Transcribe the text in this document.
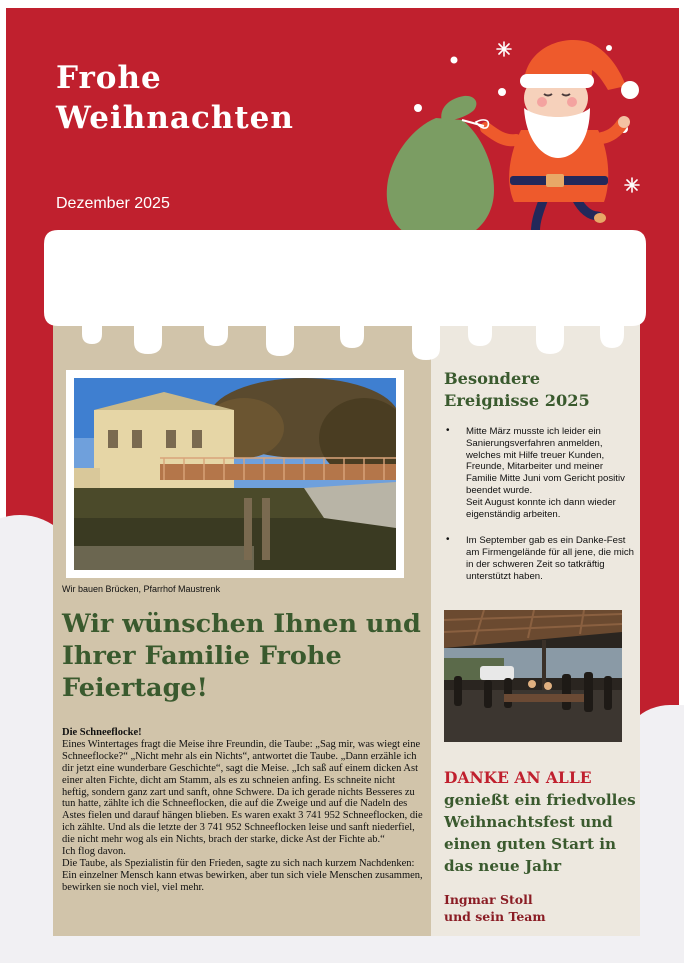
Frohe Weihnachten
Dezember 2025

Wir bauen Brücken, Pfarrhof Maustrenk

Wir wünschen Ihnen und Ihrer Familie Frohe Feiertage!

Die Schneeflocke!

Eines Wintertages fragt die Meise ihre Freundin, die Taube: „Sag mir, was wiegt eine Schneeflocke?“ „Nicht mehr als ein Nichts“, antwortet die Taube. „Dann erzähle ich dir jetzt eine wunderbare Geschichte“, sagt die Meise. „Ich saß auf einem dicken Ast einer alten Fichte, dicht am Stamm, als es zu schneien anfing. Es schneite nicht heftig, sondern ganz zart und sanft, ohne Schwere. Da ich gerade nichts Besseres zu tun hatte, zählte ich die Schneeflocken, die auf die Zweige und auf die Nadeln des Astes fielen und darauf hängen blieben. Es waren exakt 3 741 952 Schneeflocken, die ich zählte. Und als die letzte der 3 741 952 Schneeflocken leise und sanft niederfiel, die nicht mehr wog als ein Nichts, brach der starke, dicke Ast der Fichte ab.“

Ich flog davon.

Die Taube, als Spezialistin für den Frieden, sagte zu sich nach kurzem Nachdenken: Ein einzelner Mensch kann etwas bewirken, aber tun sich viele Menschen zusammen, bewirken sie noch viel, viel mehr.

Besondere Ereignisse 2025
• Mitte März musste ich leider ein Sanierungsverfahren anmelden, welches mit Hilfe treuer Kunden, Freunde, Mitarbeiter und meiner Familie Mitte Juni vom Gericht positiv beendet wurde.

Seit August konnte ich dann wieder eigenständig arbeiten.

• Im September gab es ein Danke-Fest am Firmengelände für all jene, die mich in der schweren Zeit so tatkräftig unterstützt haben.

DANKE AN ALLE

genießt ein friedvolles Weihnachtsfest und einen guten Start in das neue Jahr

Ingmar Stoll
und sein Team
